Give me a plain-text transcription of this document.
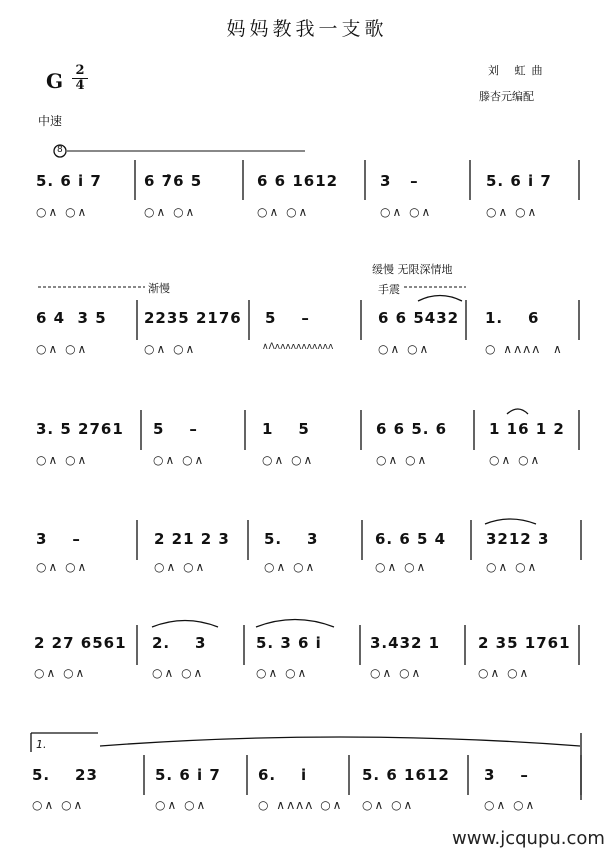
妈妈教我一支歌
刘 虹曲
滕杏元编配
G $\frac{2}{4}$
中速
渐慢
缓慢 无限深情地
手震
8
1.
5. 6 i 7
○∧ ○∧
6 7̇6 5
○∧ ○∧
6 6 1612
○∧ ○∧
3   –
○∧ ○∧
5. 6 i 7
○∧ ○∧
6 4  3 5
○∧ ○∧
2235 2176
○∧ ○∧
5    –
∧Ʌʌʌʌʌʌʌʌʌʌʌʌ
6 6 5432
○∧ ○∧
1.    6
○ ∧ʌʌʌ  ∧
3. 5 2761
○∧ ○∧
5    –
○∧ ○∧
1    5
○∧ ○∧
6 6 5. 6
○∧ ○∧
1 16 1 2
○∧ ○∧
3    –
○∧ ○∧
2 21 2 3
○∧ ○∧
5.    3
○∧ ○∧
6. 6 5 4
○∧ ○∧
3212 3
○∧ ○∧
2 27 6561
○∧ ○∧
2.    3
○∧ ○∧
5. 3 6 i
○∧ ○∧
3.432 1
○∧ ○∧
2 35 1761
○∧ ○∧
5.    23
○∧ ○∧
5. 6 i 7
○∧ ○∧
6.    i
○ ∧ʌʌʌ ○∧
5. 6 1612
○∧ ○∧
3    –
○∧ ○∧
www.jcqupu.com
